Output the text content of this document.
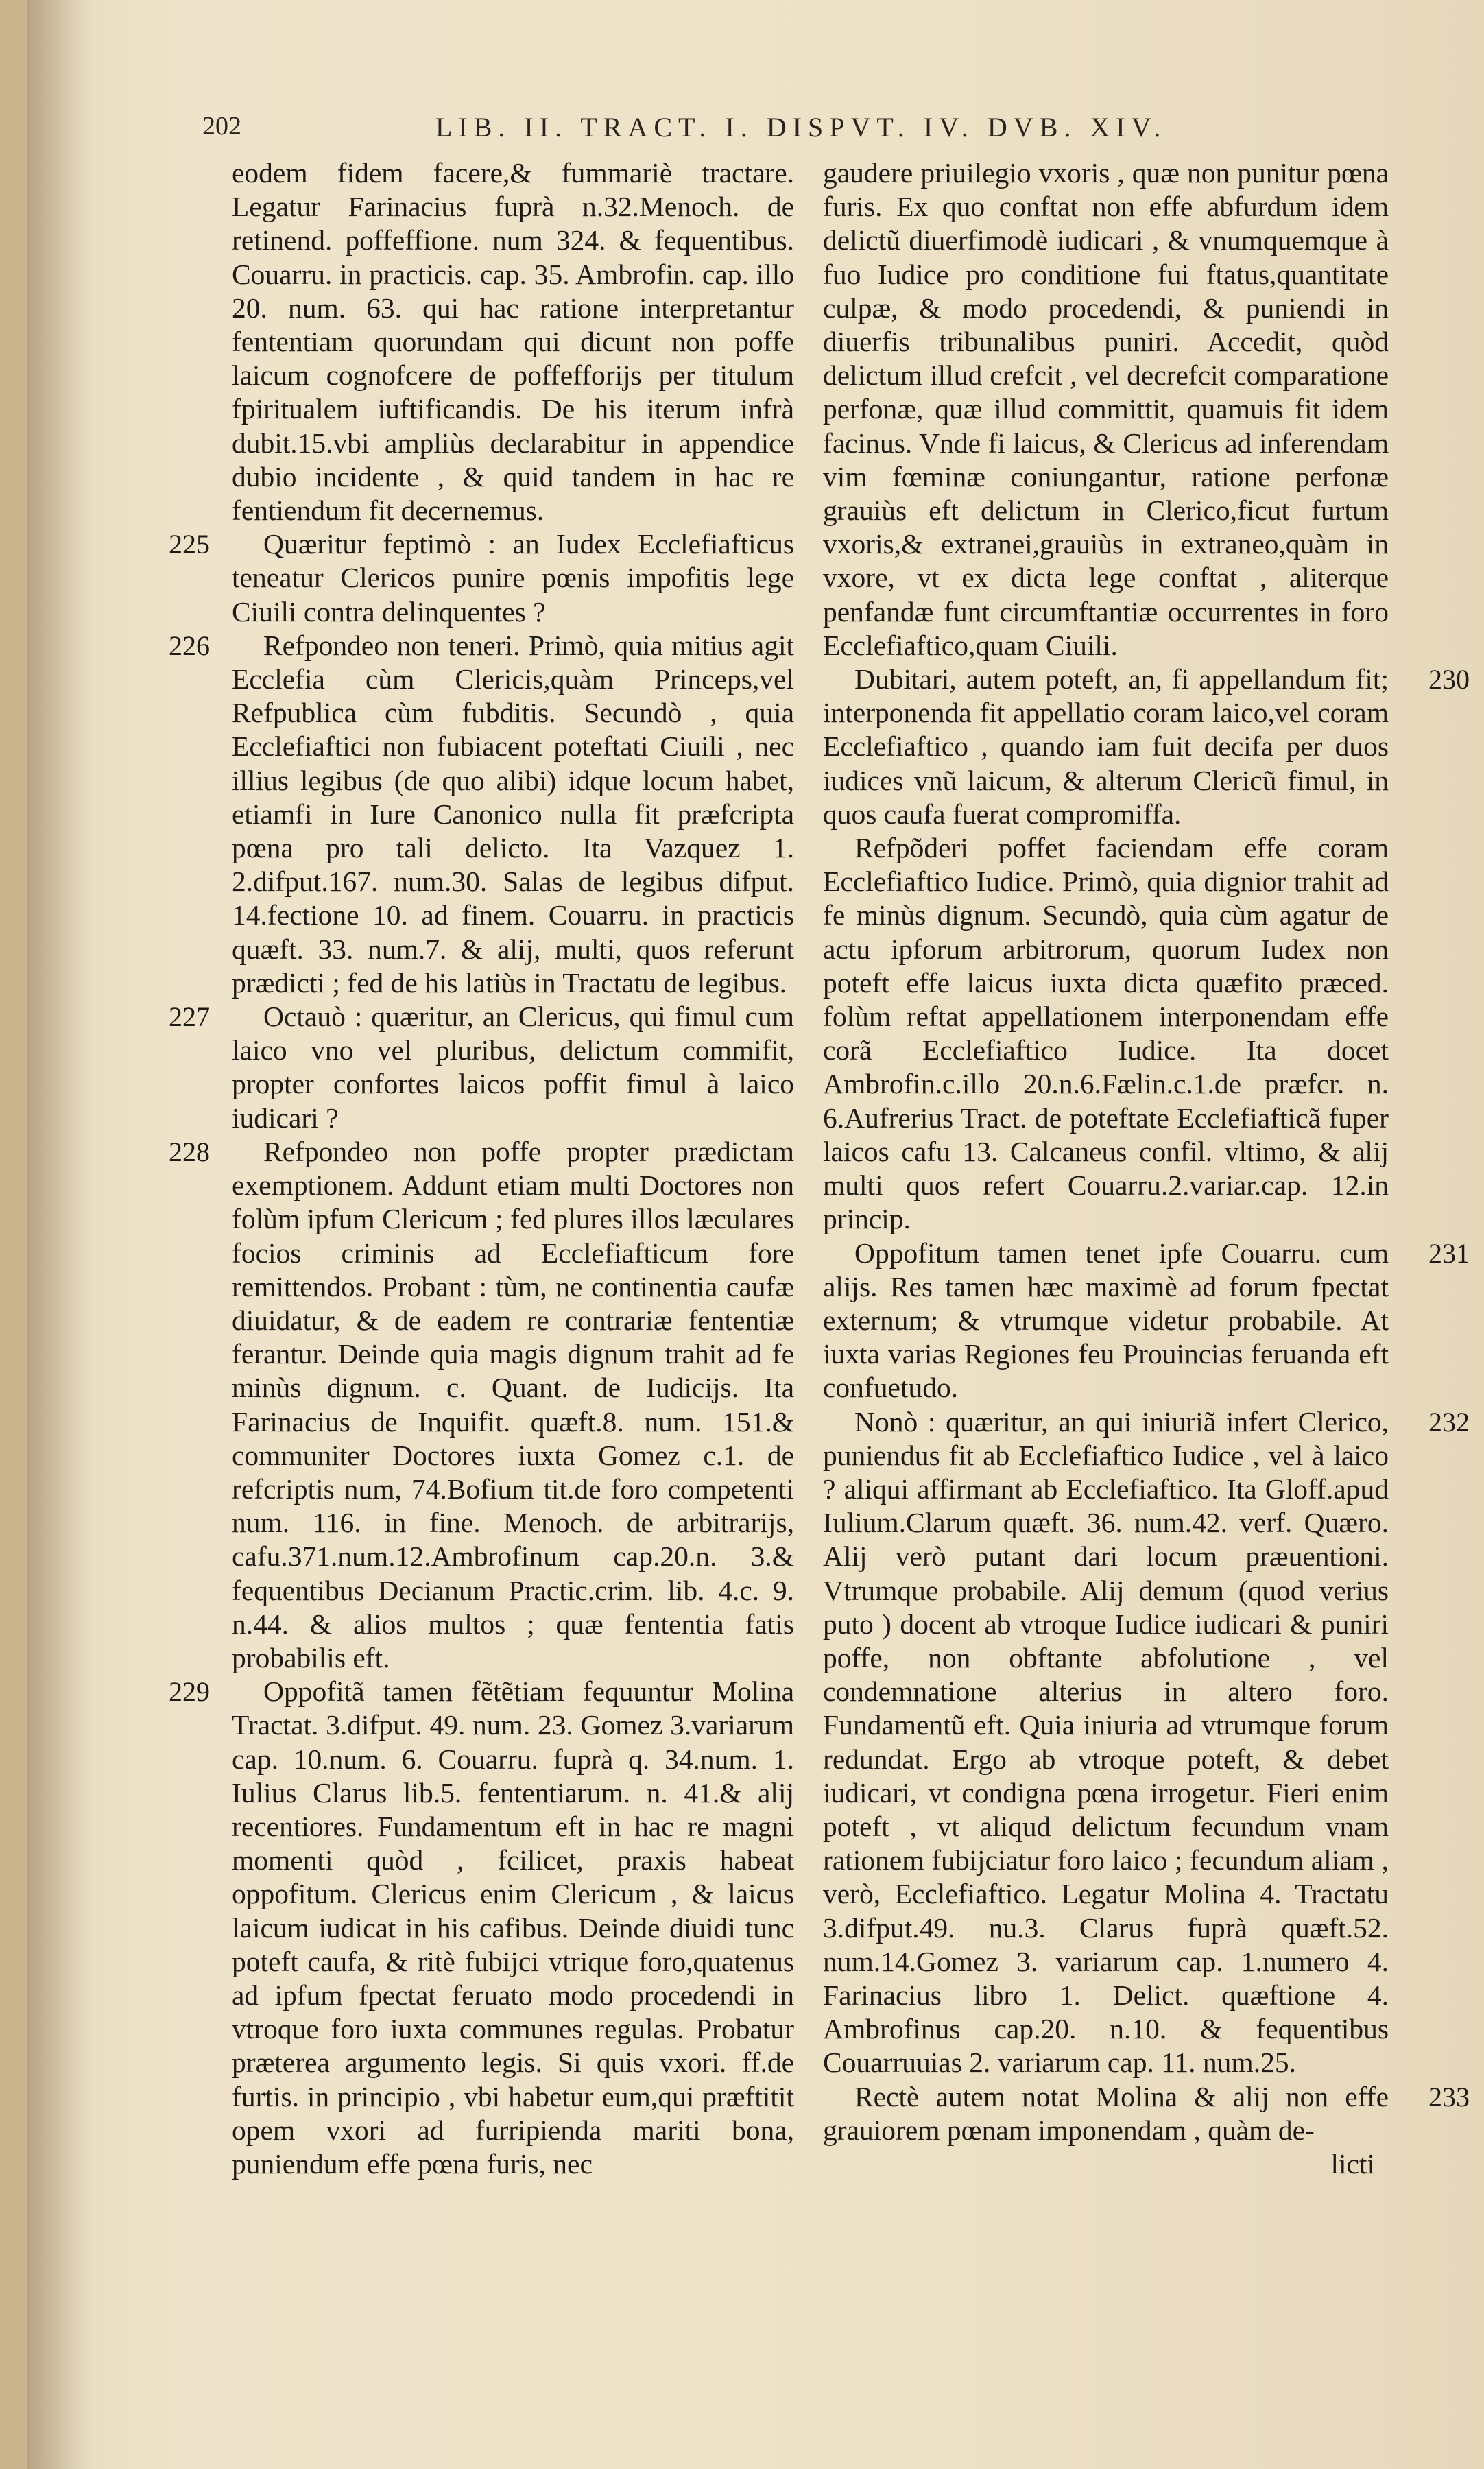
202	LIB. II. TRACT. I. DISPVT. IV. DVB. XIV.

eodem fidem facere,& fummariè tractare. Legatur Farinacius fuprà n.32.Menoch. de retinend. poffeffione. num 324. & fequentibus. Couarru. in practicis. cap. 35. Ambrofin. cap. illo 20. num. 63. qui hac ratione interpretantur fententiam quorundam qui dicunt non poffe laicum cognofcere de poffefforijs per titulum fpiritualem iuftificandis. De his iterum infrà dubit.15.vbi ampliùs declarabitur in appendice dubio incidente , & quid tandem in hac re fentiendum fit decernemus.

Quæritur feptimò : an Iudex Ecclefiafticus teneatur Clericos punire pœnis impofitis lege Ciuili contra delinquentes ?

225

Refpondeo non teneri. Primò, quia mitius agit Ecclefia cùm Clericis,quàm Princeps,vel Refpublica cùm fubditis. Secundò , quia Ecclefiaftici non fubiacent poteftati Ciuili , nec illius legibus (de quo alibi) idque locum habet, etiamfi in Iure Canonico nulla fit præfcripta pœna pro tali delicto. Ita Vazquez 1. 2.difput.167. num.30. Salas de legibus difput. 14.fectione 10. ad finem. Couarru. in practicis quæft. 33. num.7. & alij, multi, quos referunt prædicti ; fed de his latiùs in Tractatu de legibus.

226

Octauò : quæritur, an Clericus, qui fimul cum laico vno vel pluribus, delictum commifit, propter confortes laicos poffit fimul à laico iudicari ?

227

Refpondeo non poffe propter prædictam exemptionem. Addunt etiam multi Doctores non folùm ipfum Clericum ; fed plures illos læculares focios criminis ad Ecclefiafticum fore remittendos. Probant : tùm, ne continentia caufæ diuidatur, & de eadem re contrariæ fententiæ ferantur. Deinde quia magis dignum trahit ad fe minùs dignum. c. Quant. de Iudicijs. Ita Farinacius de Inquifit. quæft.8. num. 151.& communiter Doctores iuxta Gomez c.1. de refcriptis num, 74.Bofium tit.de foro competenti num. 116. in fine. Menoch. de arbitrarijs, cafu.371.num.12.Ambrofinum cap.20.n. 3.& fequentibus Decianum Practic.crim. lib. 4.c. 9. n.44. & alios multos ; quæ fententia fatis probabilis eft.

228

Oppofitã tamen fẽtẽtiam fequuntur Molina Tractat. 3.difput. 49. num. 23. Gomez 3.variarum cap. 10.num. 6. Couarru. fuprà q. 34.num. 1. Iulius Clarus lib.5. fententiarum. n. 41.& alij recentiores. Fundamentum eft in hac re magni momenti quòd , fcilicet, praxis habeat oppofitum. Clericus enim Clericum , & laicus laicum iudicat in his cafibus. Deinde diuidi tunc poteft caufa, & ritè fubijci vtrique foro,quatenus ad ipfum fpectat feruato modo procedendi in vtroque foro iuxta communes regulas. Probatur præterea argumento legis. Si quis vxori. ff.de furtis. in principio , vbi habetur eum,qui præftitit opem vxori ad furripienda mariti bona, puniendum effe pœna furis, nec

229

gaudere priuilegio vxoris , quæ non punitur pœna furis. Ex quo conftat non effe abfurdum idem delictũ diuerfimodè iudicari , & vnumquemque à fuo Iudice pro conditione fui ftatus,quantitate culpæ, & modo procedendi, & puniendi in diuerfis tribunalibus puniri. Accedit, quòd delictum illud crefcit , vel decrefcit comparatione perfonæ, quæ illud committit, quamuis fit idem facinus. Vnde fi laicus, & Clericus ad inferendam vim fœminæ coniungantur, ratione perfonæ grauiùs eft delictum in Clerico,ficut furtum vxoris,& extranei,grauiùs in extraneo,quàm in vxore, vt ex dicta lege conftat , aliterque penfandæ funt circumftantiæ occurrentes in foro Ecclefiaftico,quam Ciuili.

Dubitari, autem poteft, an, fi appellandum fit; interponenda fit appellatio coram laico,vel coram Ecclefiaftico , quando iam fuit decifa per duos iudices vnũ laicum, & alterum Clericũ fimul, in quos caufa fuerat compromiffa.

230

Refpõderi poffet faciendam effe coram Ecclefiaftico Iudice. Primò, quia dignior trahit ad fe minùs dignum. Secundò, quia cùm agatur de actu ipforum arbitrorum, quorum Iudex non poteft effe laicus iuxta dicta quæfito præced. folùm reftat appellationem interponendam effe corã Ecclefiaftico Iudice. Ita docet Ambrofin.c.illo 20.n.6.Fælin.c.1.de præfcr. n. 6.Aufrerius Tract. de poteftate Ecclefiafticã fuper laicos cafu 13. Calcaneus confil. vltimo, & alij multi quos refert Couarru.2.variar.cap. 12.in princip.

Oppofitum tamen tenet ipfe Couarru. cum alijs. Res tamen hæc maximè ad forum fpectat externum; & vtrumque videtur probabile. At iuxta varias Regiones feu Prouincias feruanda eft confuetudo.

231

Nonò : quæritur, an qui iniuriã infert Clerico, puniendus fit ab Ecclefiaftico Iudice , vel à laico ? aliqui affirmant ab Ecclefiaftico. Ita Gloff.apud Iulium.Clarum quæft. 36. num.42. verf. Quæro. Alij verò putant dari locum præuentioni. Vtrumque probabile. Alij demum (quod verius puto ) docent ab vtroque Iudice iudicari & puniri poffe, non obftante abfolutione , vel condemnatione alterius in altero foro. Fundamentũ eft. Quia iniuria ad vtrumque forum redundat. Ergo ab vtroque poteft, & debet iudicari, vt condigna pœna irrogetur. Fieri enim poteft , vt aliqud delictum fecundum vnam rationem fubijciatur foro laico ; fecundum aliam , verò, Ecclefiaftico. Legatur Molina 4. Tractatu 3.difput.49. nu.3. Clarus fuprà quæft.52. num.14.Gomez 3. variarum cap. 1.numero 4. Farinacius libro 1. Delict. quæftione 4. Ambrofinus cap.20. n.10. & fequentibus Couarruuias 2. variarum cap. 11. num.25.

232

Rectè autem notat Molina & alij non effe grauiorem pœnam imponendam , quàm de-

233
licti
